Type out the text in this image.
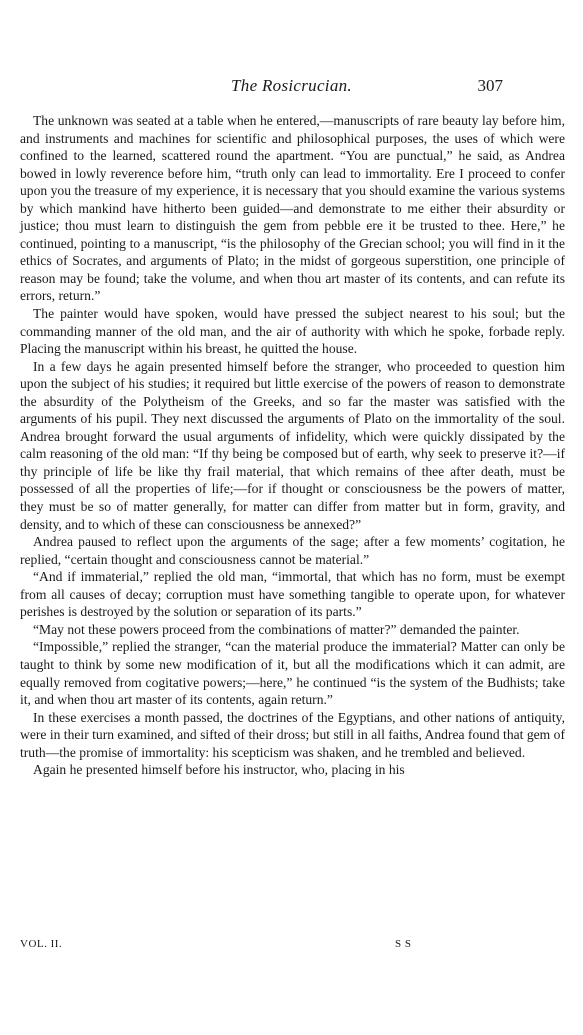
The Rosicrucian.	307

The unknown was seated at a table when he entered,—manuscripts of rare beauty lay before him, and instruments and machines for scientific and philosophical purposes, the uses of which were confined to the learned, scattered round the apartment. “You are punctual,” he said, as Andrea bowed in lowly reverence before him, “truth only can lead to immortality. Ere I proceed to confer upon you the treasure of my experience, it is necessary that you should examine the various systems by which mankind have hitherto been guided—and demonstrate to me either their absurdity or justice; thou must learn to distinguish the gem from pebble ere it be trusted to thee. Here,” he continued, pointing to a manuscript, “is the philosophy of the Grecian school; you will find in it the ethics of Socrates, and arguments of Plato; in the midst of gorgeous superstition, one principle of reason may be found; take the volume, and when thou art master of its contents, and can refute its errors, return.”

The painter would have spoken, would have pressed the subject nearest to his soul; but the commanding manner of the old man, and the air of authority with which he spoke, forbade reply. Placing the manuscript within his breast, he quitted the house.

In a few days he again presented himself before the stranger, who proceeded to question him upon the subject of his studies; it required but little exercise of the powers of reason to demonstrate the absurdity of the Polytheism of the Greeks, and so far the master was satisfied with the arguments of his pupil. They next discussed the arguments of Plato on the immortality of the soul. Andrea brought forward the usual arguments of infidelity, which were quickly dissipated by the calm reasoning of the old man: “If thy being be composed but of earth, why seek to preserve it?—if thy principle of life be like thy frail material, that which remains of thee after death, must be possessed of all the properties of life;—for if thought or consciousness be the powers of matter, they must be so of matter generally, for matter can differ from matter but in form, gravity, and density, and to which of these can consciousness be annexed?”

Andrea paused to reflect upon the arguments of the sage; after a few moments’ cogitation, he replied, “certain thought and consciousness cannot be material.”

“And if immaterial,” replied the old man, “immortal, that which has no form, must be exempt from all causes of decay; corruption must have something tangible to operate upon, for whatever perishes is destroyed by the solution or separation of its parts.”

“May not these powers proceed from the combinations of matter?” demanded the painter.

“Impossible,” replied the stranger, “can the material produce the immaterial? Matter can only be taught to think by some new modification of it, but all the modifications which it can admit, are equally removed from cogitative powers;—here,” he continued “is the system of the Budhists; take it, and when thou art master of its contents, again return.”

In these exercises a month passed, the doctrines of the Egyptians, and other nations of antiquity, were in their turn examined, and sifted of their dross; but still in all faiths, Andrea found that gem of truth—the promise of immortality: his scepticism was shaken, and he trembled and believed.

Again he presented himself before his instructor, who, placing in his

VOL. II.	S S
